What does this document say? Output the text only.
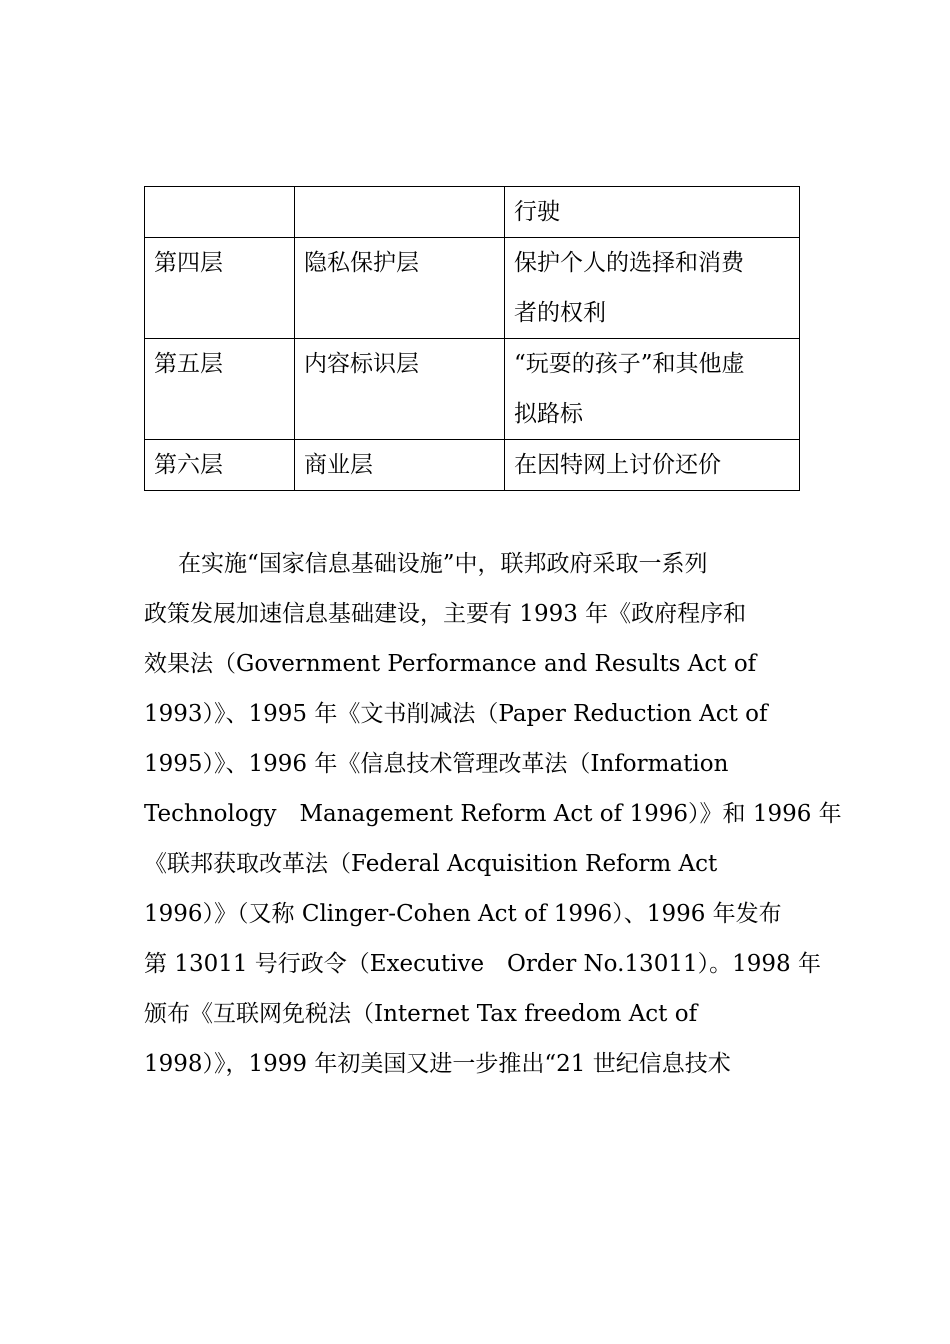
		行驶
第四层	隐私保护层	保护个人的选择和消费
者的权利
第五层	内容标识层	“玩耍的孩子”和其他虚
拟路标
第六层	商业层	在因特网上讨价还价
在实施“国家信息基础设施”中，联邦政府采取一系列
政策发展加速信息基础建设，主要有 1993 年《政府程序和
效果法（Government Performance and Results Act of
1993）》、1995 年《文书削减法（Paper Reduction Act of
1995）》、1996 年《信息技术管理改革法（Information
Technology　Management Reform Act of 1996）》和 1996 年
《联邦获取改革法（Federal Acquisition Reform Act
1996）》（又称 Clinger-Cohen Act of 1996）、1996 年发布
第 13011 号行政令（Executive　Order No.13011）。1998 年
颁布《互联网免税法（Internet Tax freedom Act of
1998）》，1999 年初美国又进一步推出“21 世纪信息技术
